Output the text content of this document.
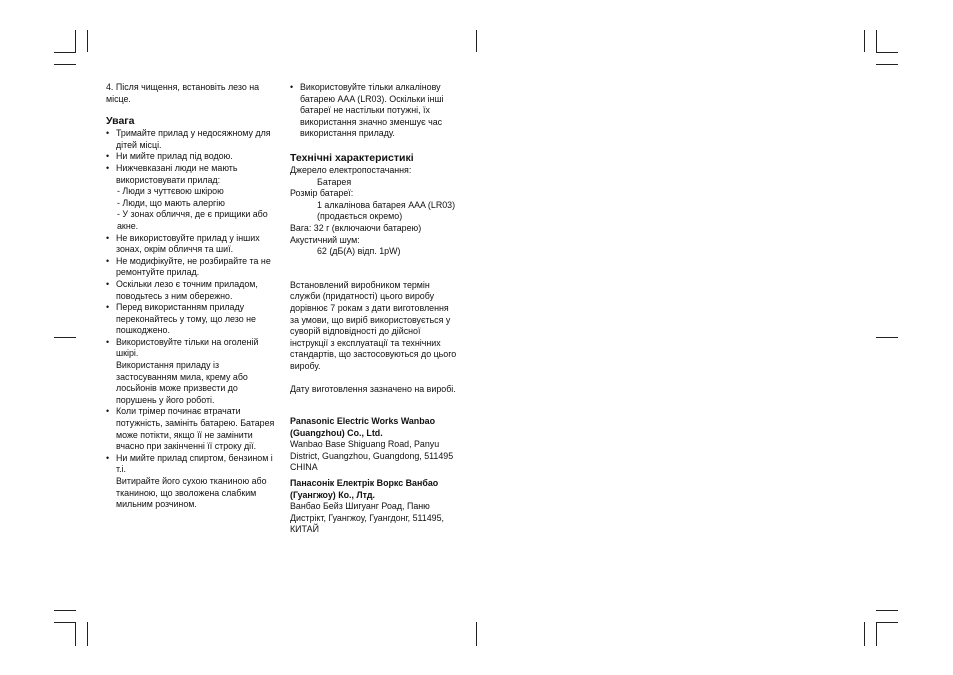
4. Після чищення, встановіть лезо на місце.

Увага

• Тримайте прилад у недосяжному для дітей місці.

• Ни мийте прилад під водою.

• Нижчевказані люди не мають використовувати прилад:

- Люди з чуттєвою шкірою

- Люди, що мають алергію

- У зонах обличчя, де є прищики або акне.

• Не використовуйте прилад у інших зонах, окрім обличчя та шиї.

• Не модифікуйте, не розбирайте та не ремонтуйте прилад.

• Оскільки лезо є точним приладом, поводьтесь з ним обережно.

• Перед використанням приладу переконайтесь у тому, що лезо не пошкоджено.

• Використовуйте тільки на оголеній шкірі.

Використання приладу із застосуванням мила, крему або лосьйонів може призвести до порушень у його роботі.

• Коли трімер починає втрачати потужність, замініть батарею. Батарея може потікти, якщо її не замінити вчасно при закінченні її строку дії.

• Ни мийте прилад спиртом, бензином і т.і.

Витирайте його сухою тканиною або тканиною, що зволожена слабким мильним розчином.

• Використовуйте тільки алкалінову батарею AAA (LR03). Оскільки інші батареї не настільки потужні, їх використання значно зменшує час використання приладу.

Технічні характеристикі

Джерело електропостачання:

Батарея

Розмір батареї:

1 алкалінова батарея AAA (LR03) (продається окремо)

Вага: 32 г (включаючи батарею)

Акустичний шум:

62 (дБ(A) відп. 1pW)

Встановлений виробником термін служби (придатності) цього виробу дорівнює 7 рокам з дати виготовлення за умови, що виріб використовується у суворій відповідності до дійсної інструкції з експлуатації та технічних стандартів, що застосовуються до цього виробу.

Дату виготовлення зазначено на виробі.

Panasonic Electric Works Wanbao (Guangzhou) Co., Ltd.

Wanbao Base Shiguang Road, Panyu District, Guangzhou, Guangdong, 511495 CHINA

Панасонік Електрік Воркс Ванбао (Гуангжоу) Ко., Лтд.

Ванбао Бейз Шигуанг Роад, Паню Дистрікт, Гуангжоу, Гуангдонг, 511495, КИТАЙ
